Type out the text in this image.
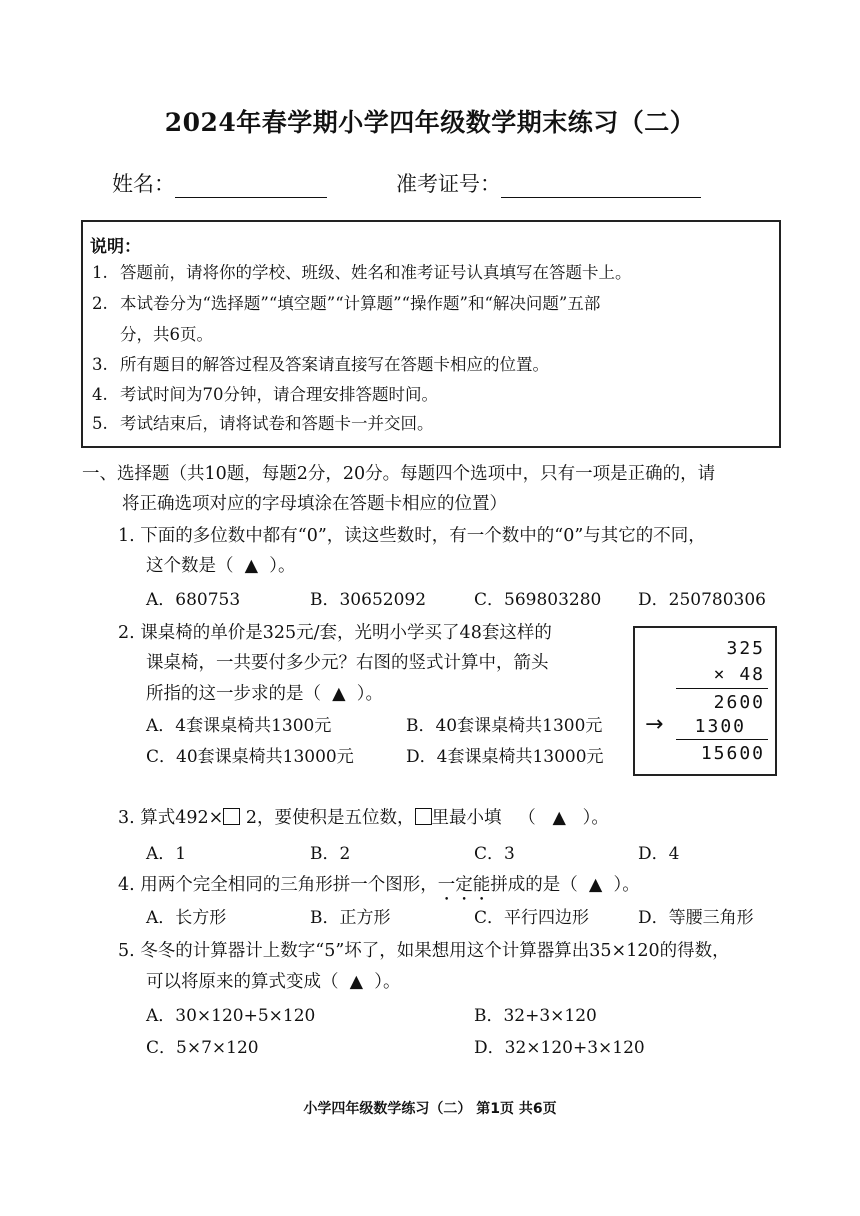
2024年春学期小学四年级数学期末练习（二）
姓名：	准考证号：
说明：
1. 答题前，请将你的学校、班级、姓名和准考证号认真填写在答题卡上。
2. 本试卷分为“选择题”“填空题”“计算题”“操作题”和“解决问题”五部
分，共6页。
3. 所有题目的解答过程及答案请直接写在答题卡相应的位置。
4. 考试时间为70分钟，请合理安排答题时间。
5. 考试结束后，请将试卷和答题卡一并交回。
一、选择题（共10题，每题2分，20分。每题四个选项中，只有一项是正确的，请
将正确选项对应的字母填涂在答题卡相应的位置）
1. 下面的多位数中都有“0”，读这些数时，有一个数中的“0”与其它的不同，
这个数是（ ▲ ）。
A．680753	B．30652092	C．569803280 D．250780306
2. 课桌椅的单价是325元/套，光明小学买了48套这样的
课桌椅，一共要付多少元？右图的竖式计算中，箭头
所指的这一步求的是（ ▲ ）。
A．4套课桌椅共1300元	B．40套课桌椅共1300元
C．40套课桌椅共13000元	D．4套课桌椅共13000元
325
× 48
2600
1300
→
15600
3. 算式492× 2，要使积是五位数， 里最小填 （ ▲ ）。
A．1	B．2	C．3	D．4
4. 用两个完全相同的三角形拼一个图形，一定能拼成的是（ ▲ ）。
A．长方形	B．正方形	C．平行四边形	D．等腰三角形
5. 冬冬的计算器计上数字“5”坏了，如果想用这个计算器算出35×120的得数，
可以将原来的算式变成（ ▲ ）。
A．30×120+5×120	B．32+3×120
C．5×7×120	D．32×120+3×120
小学四年级数学练习（二） 第1页 共6页
